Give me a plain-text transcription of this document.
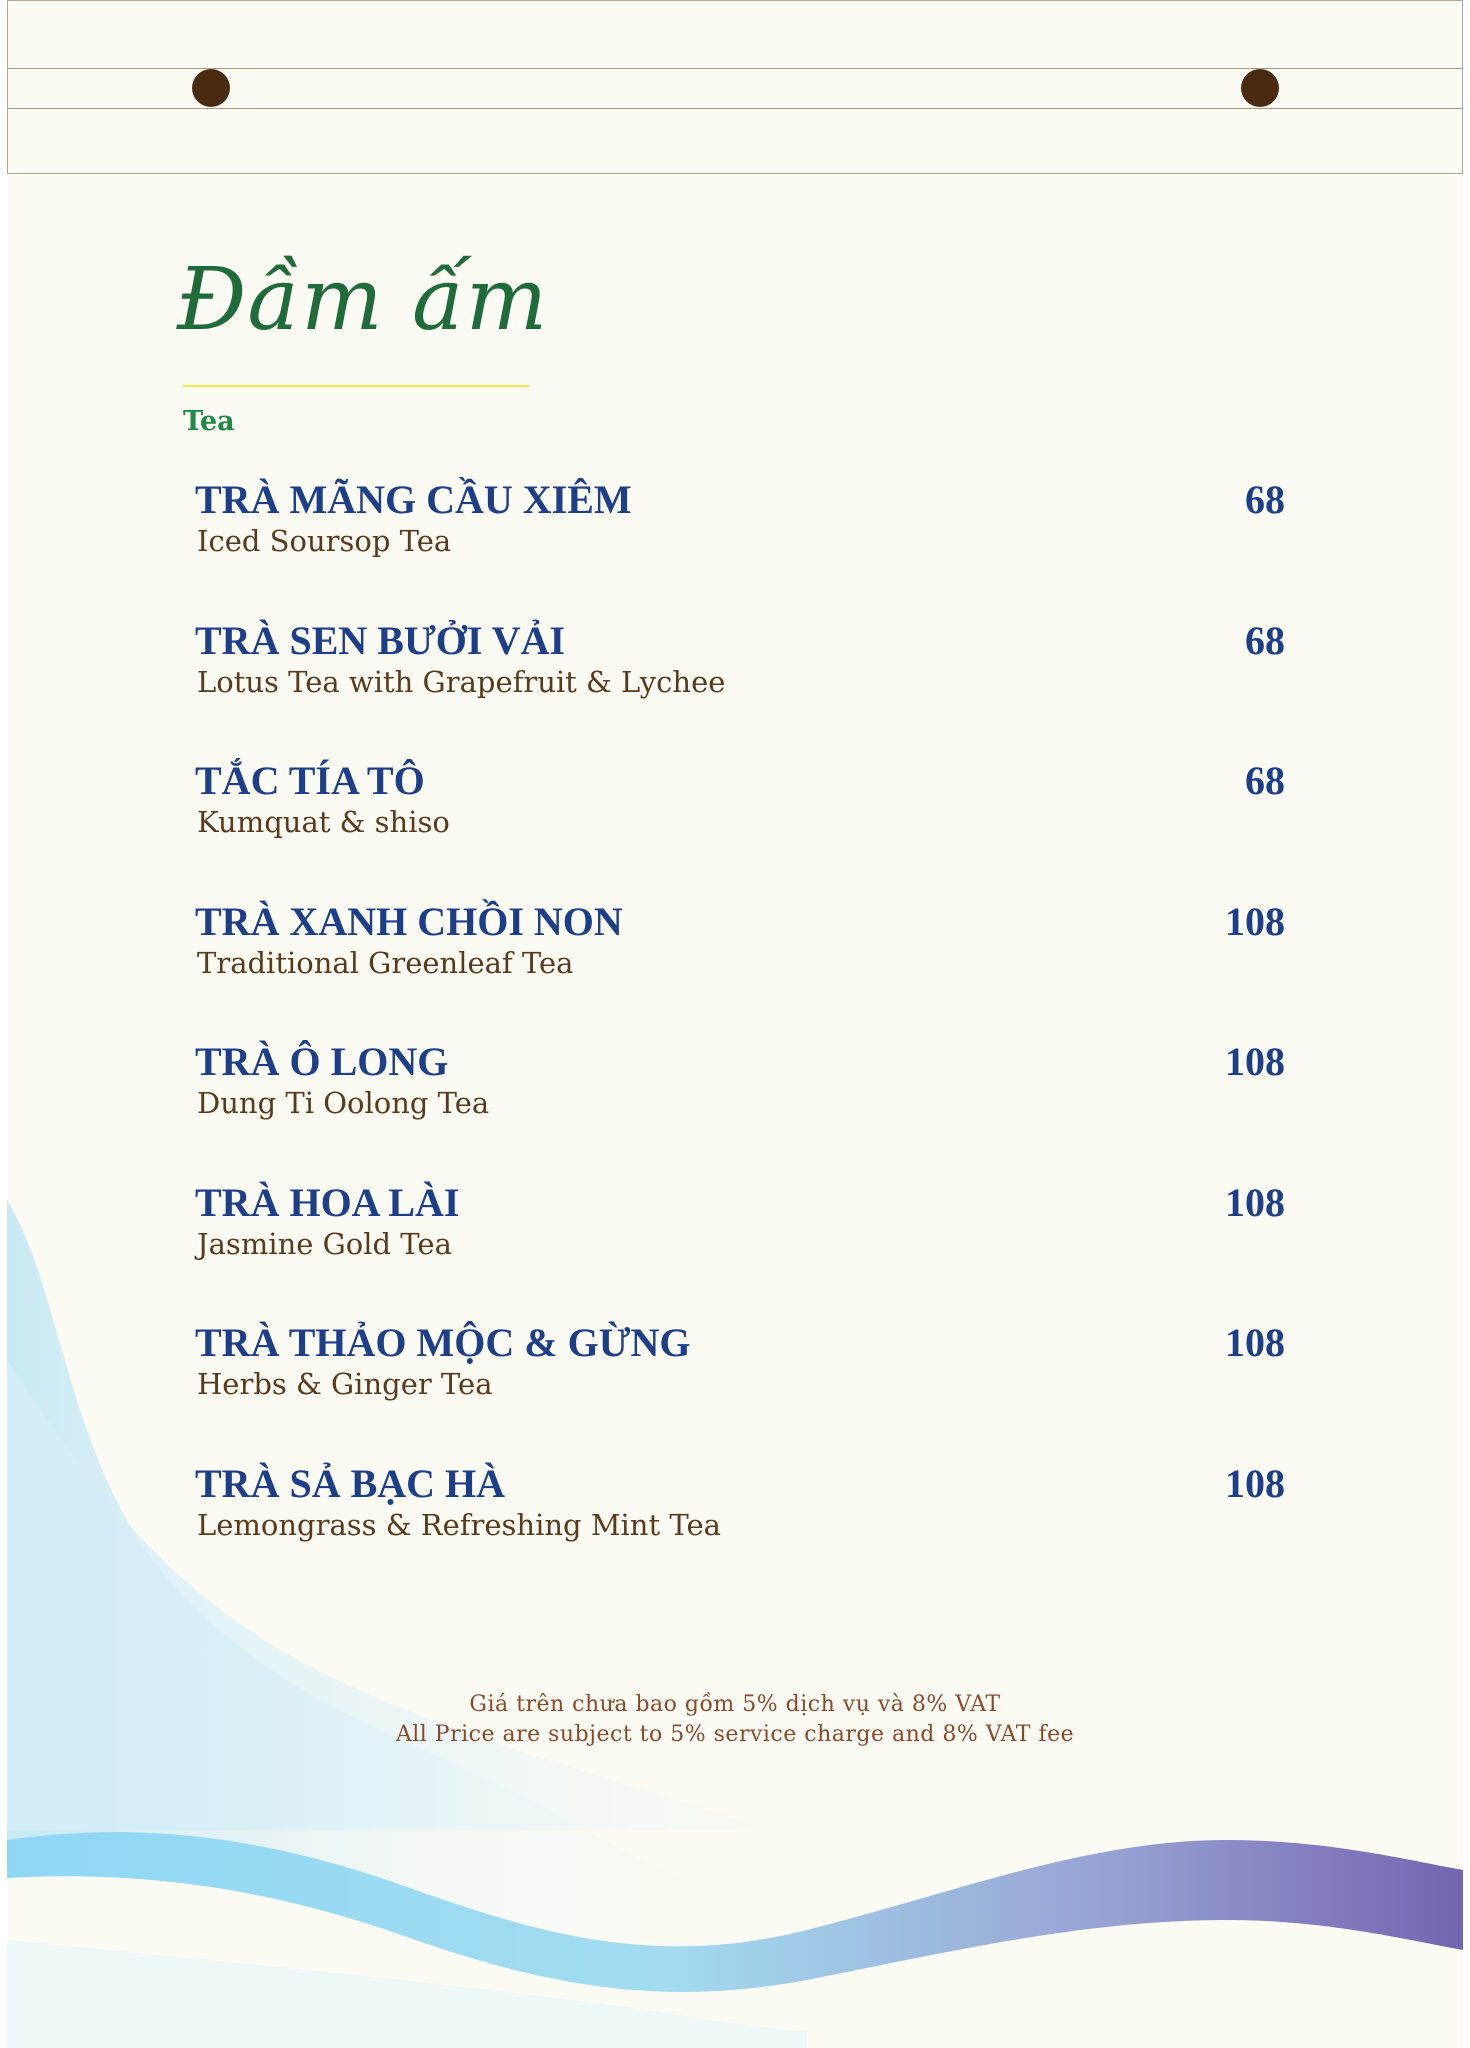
Đầm ấm
Tea
TRÀ MÃNG CẦU XIÊM	68
Iced Soursop Tea
TRÀ SEN BƯỞI VẢI	68
Lotus Tea with Grapefruit & Lychee
TẮC TÍA TÔ	68
Kumquat & shiso
TRÀ XANH CHỒI NON	108
Traditional Greenleaf Tea
TRÀ Ô LONG	108
Dung Ti Oolong Tea
TRÀ HOA LÀI	108
Jasmine Gold Tea
TRÀ THẢO MỘC & GỪNG	108
Herbs & Ginger Tea
TRÀ SẢ BẠC HÀ	108
Lemongrass & Refreshing Mint Tea
Giá trên chưa bao gồm 5% dịch vụ và 8% VAT
All Price are subject to 5% service charge and 8% VAT fee
